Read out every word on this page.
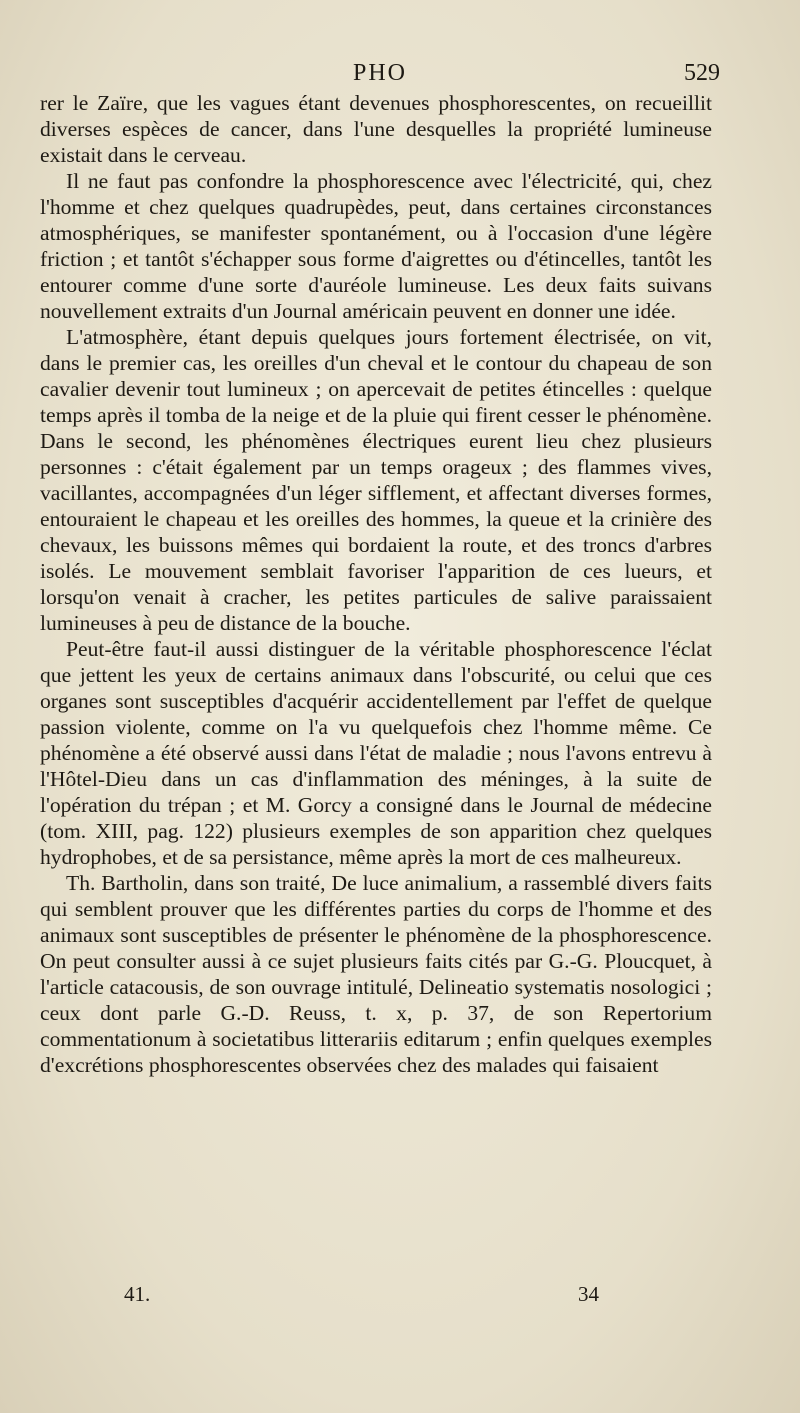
PHO	529

rer le Zaïre, que les vagues étant devenues phosphorescentes, on recueillit diverses espèces de cancer, dans l'une desquelles la propriété lumineuse existait dans le cerveau.

Il ne faut pas confondre la phosphorescence avec l'électricité, qui, chez l'homme et chez quelques quadrupèdes, peut, dans certaines circonstances atmosphériques, se manifester spontanément, ou à l'occasion d'une légère friction ; et tantôt s'échapper sous forme d'aigrettes ou d'étincelles, tantôt les entourer comme d'une sorte d'auréole lumineuse. Les deux faits suivans nouvellement extraits d'un Journal américain peuvent en donner une idée.

L'atmosphère, étant depuis quelques jours fortement électrisée, on vit, dans le premier cas, les oreilles d'un cheval et le contour du chapeau de son cavalier devenir tout lumineux ; on apercevait de petites étincelles : quelque temps après il tomba de la neige et de la pluie qui firent cesser le phénomène. Dans le second, les phénomènes électriques eurent lieu chez plusieurs personnes : c'était également par un temps orageux ; des flammes vives, vacillantes, accompagnées d'un léger sifflement, et affectant diverses formes, entouraient le chapeau et les oreilles des hommes, la queue et la crinière des chevaux, les buissons mêmes qui bordaient la route, et des troncs d'arbres isolés. Le mouvement semblait favoriser l'apparition de ces lueurs, et lorsqu'on venait à cracher, les petites particules de salive paraissaient lumineuses à peu de distance de la bouche.

Peut-être faut-il aussi distinguer de la véritable phosphorescence l'éclat que jettent les yeux de certains animaux dans l'obscurité, ou celui que ces organes sont susceptibles d'acquérir accidentellement par l'effet de quelque passion violente, comme on l'a vu quelquefois chez l'homme même. Ce phénomène a été observé aussi dans l'état de maladie ; nous l'avons entrevu à l'Hôtel-Dieu dans un cas d'inflammation des méninges, à la suite de l'opération du trépan ; et M. Gorcy a consigné dans le Journal de médecine (tom. XIII, pag. 122) plusieurs exemples de son apparition chez quelques hydrophobes, et de sa persistance, même après la mort de ces malheureux.

Th. Bartholin, dans son traité, De luce animalium, a rassemblé divers faits qui semblent prouver que les différentes parties du corps de l'homme et des animaux sont susceptibles de présenter le phénomène de la phosphorescence. On peut consulter aussi à ce sujet plusieurs faits cités par G.-G. Ploucquet, à l'article catacousis, de son ouvrage intitulé, Delineatio systematis nosologici ; ceux dont parle G.-D. Reuss, t. x, p. 37, de son Repertorium commentationum à societatibus litterariis editarum ; enfin quelques exemples d'excrétions phosphorescentes observées chez des malades qui faisaient

41.	34
